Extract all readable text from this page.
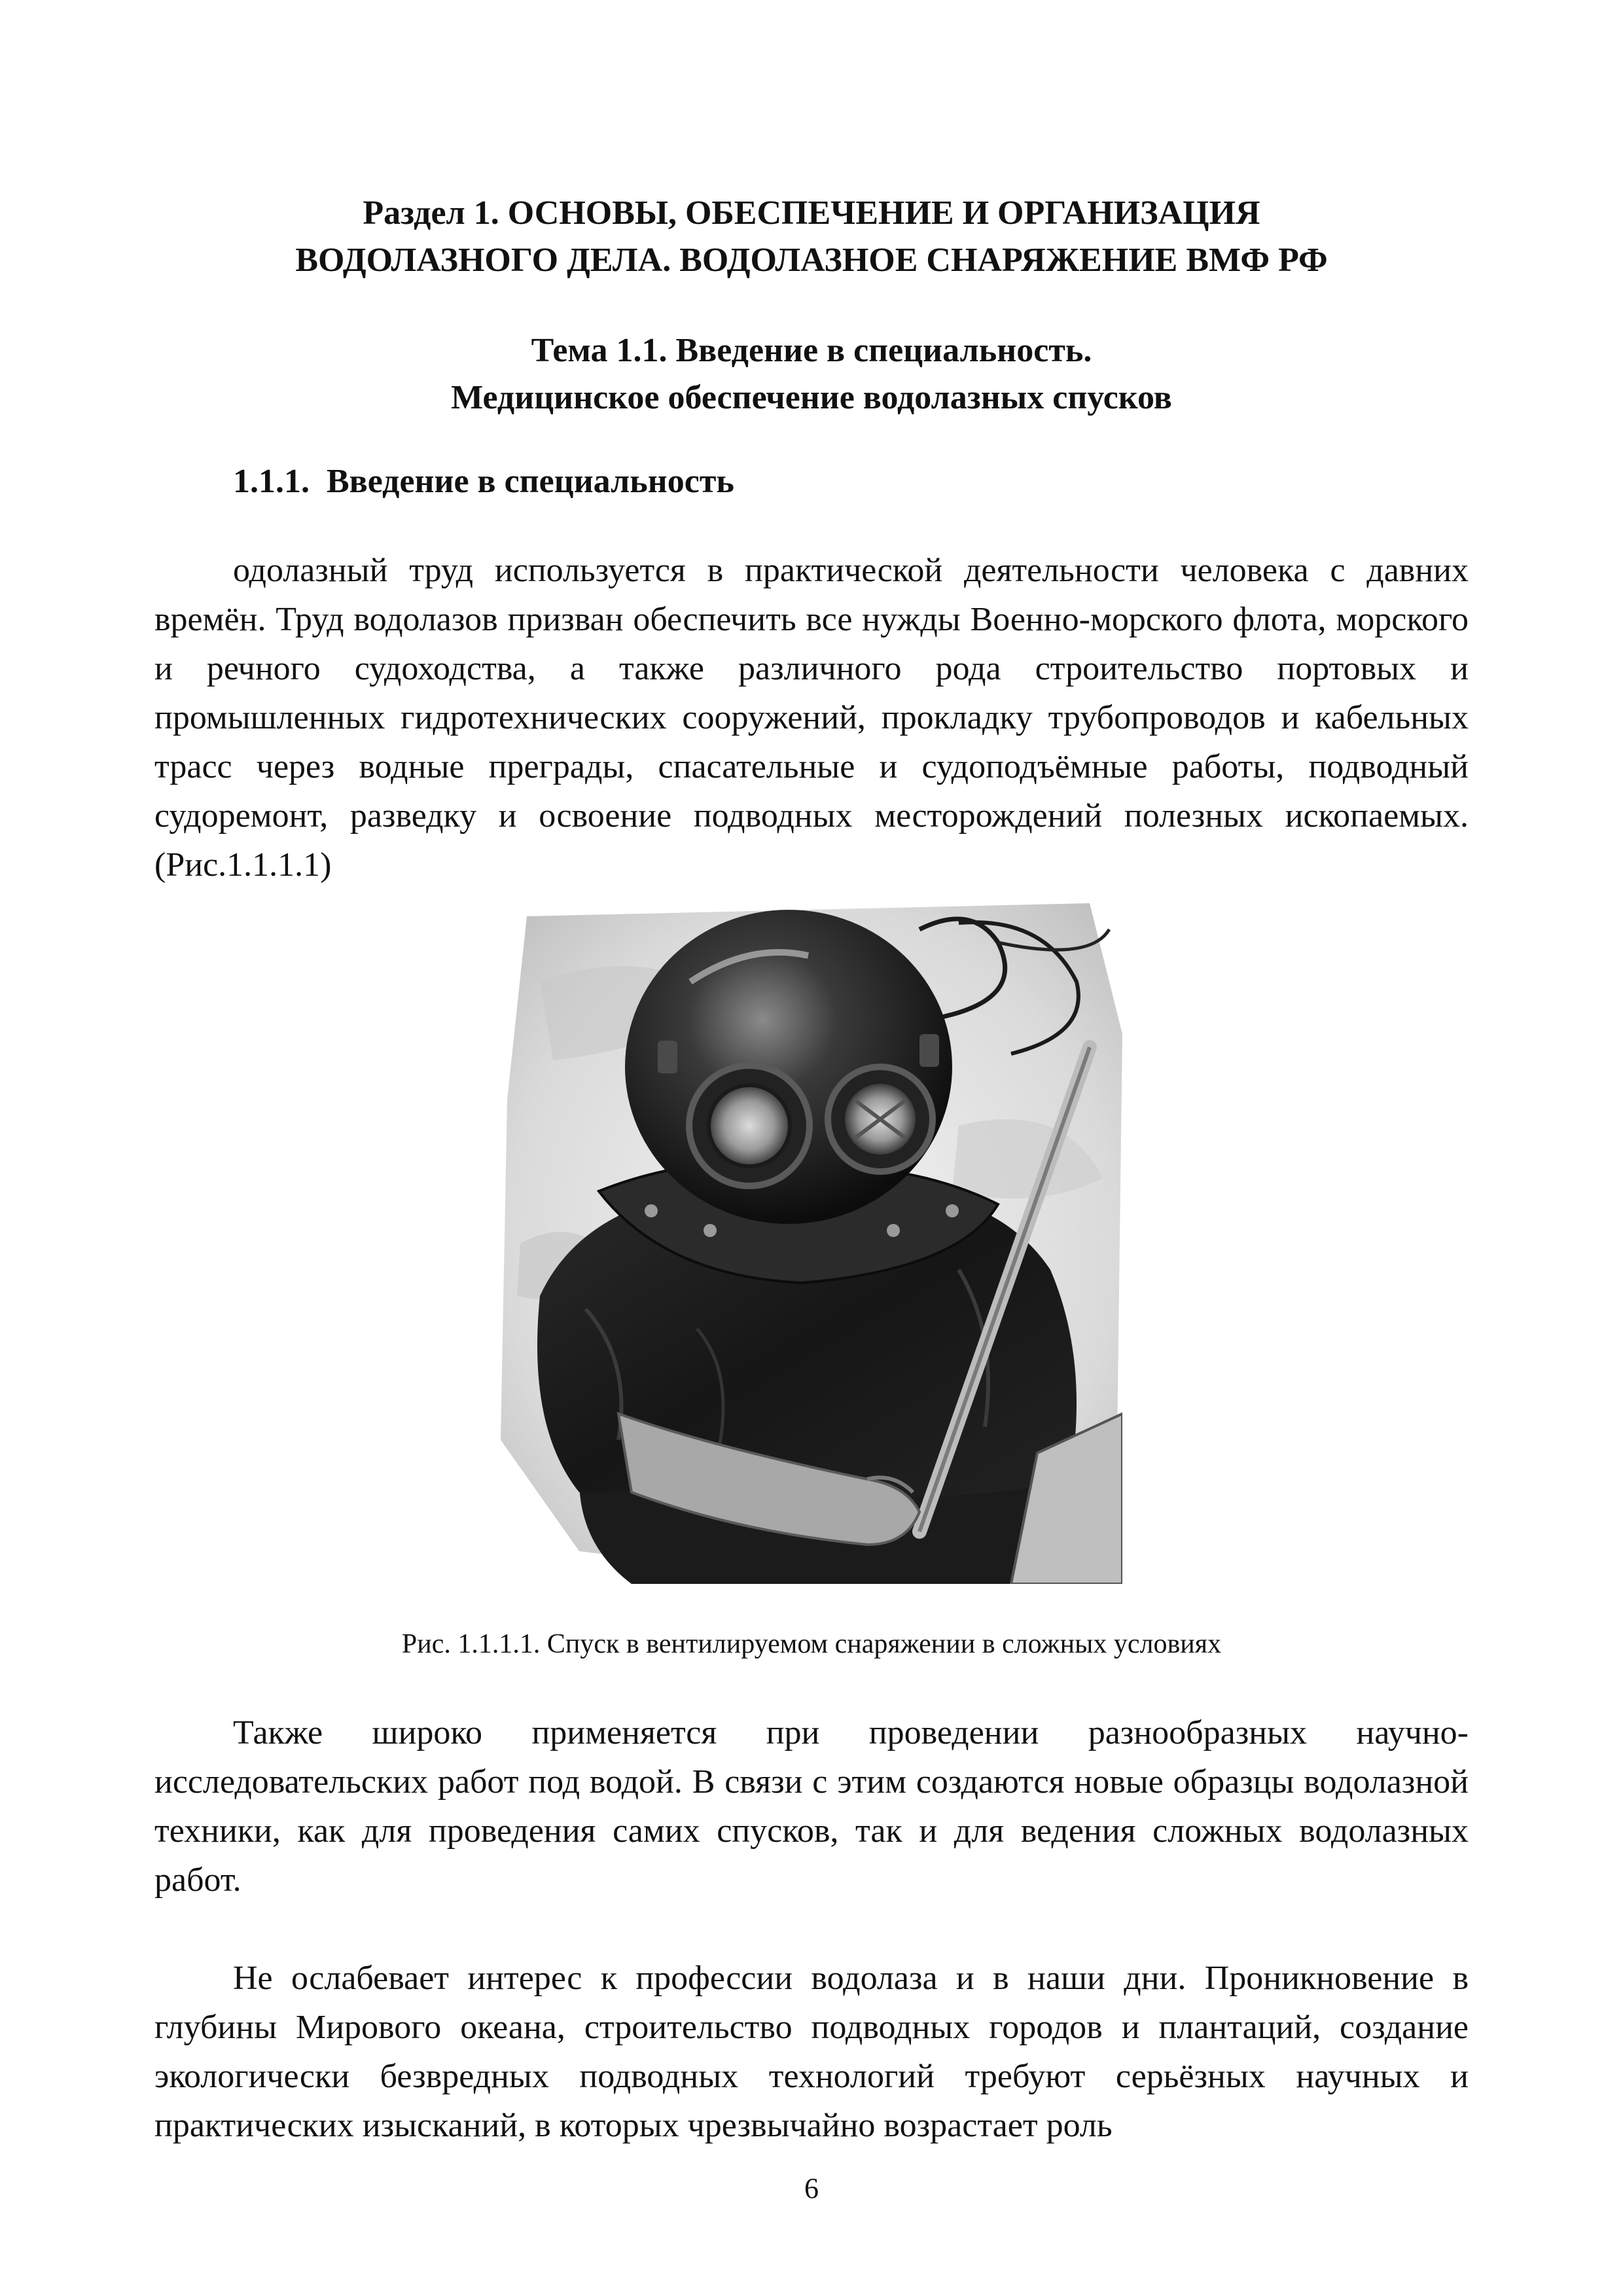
Раздел 1. ОСНОВЫ, ОБЕСПЕЧЕНИЕ И ОРГАНИЗАЦИЯ
ВОДОЛАЗНОГО ДЕЛА. ВОДОЛАЗНОЕ СНАРЯЖЕНИЕ ВМФ РФ
Тема 1.1. Введение в специальность.
Медицинское обеспечение водолазных спусков
1.1.1. Введение в специальность

одолазный труд используется в практической деятельности человека с давних времён. Труд водолазов призван обеспечить все нужды Военно-морского флота, морского и речного судоходства, а также различного рода строительство портовых и промышленных гидротехнических сооружений, прокладку трубопроводов и кабельных трасс через водные преграды, спасательные и судоподъёмные работы, подводный судоремонт, разведку и освоение подводных месторождений полезных ископаемых. (Рис.1.1.1.1)

Рис. 1.1.1.1. Спуск в вентилируемом снаряжении в сложных условиях

Также широко применяется при проведении разнообразных научно-исследовательских работ под водой. В связи с этим создаются новые образцы водолазной техники, как для проведения самих спусков, так и для ведения сложных водолазных работ.

Не ослабевает интерес к профессии водолаза и в наши дни. Проникновение в глубины Мирового океана, строительство подводных городов и плантаций, создание экологически безвредных подводных технологий требуют серьёзных научных и практических изысканий, в которых чрезвычайно возрастает роль

6
